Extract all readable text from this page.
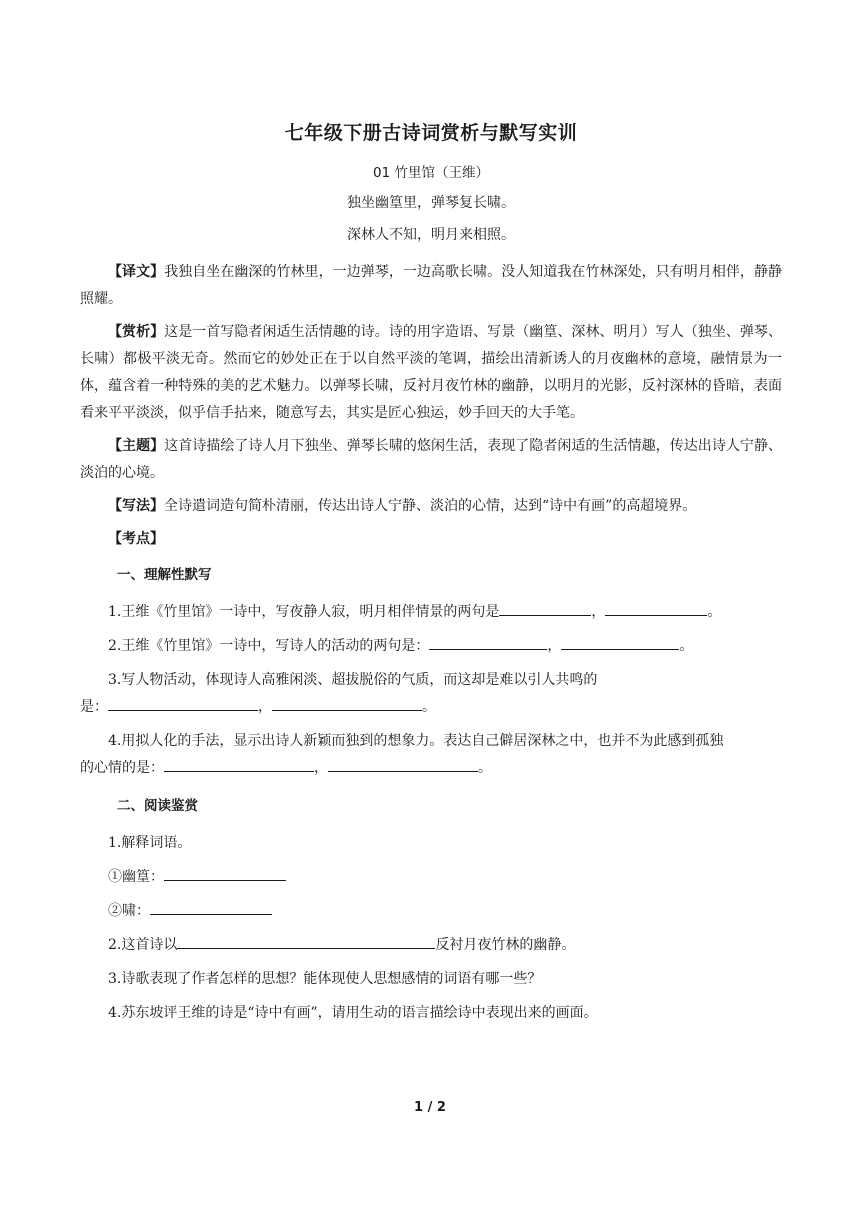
七年级下册古诗词赏析与默写实训
01 竹里馆（王维）
独坐幽篁里，弹琴复长啸。
深林人不知，明月来相照。

【译文】我独自坐在幽深的竹林里，一边弹琴，一边高歌长啸。没人知道我在竹林深处，只有明月相伴，静静照耀。

【赏析】这是一首写隐者闲适生活情趣的诗。诗的用字造语、写景（幽篁、深林、明月）写人（独坐、弹琴、长啸）都极平淡无奇。然而它的妙处正在于以自然平淡的笔调，描绘出清新诱人的月夜幽林的意境，融情景为一体，蕴含着一种特殊的美的艺术魅力。以弹琴长啸，反衬月夜竹林的幽静，以明月的光影，反衬深林的昏暗，表面看来平平淡淡，似乎信手拈来，随意写去，其实是匠心独运，妙手回天的大手笔。

【主题】这首诗描绘了诗人月下独坐、弹琴长啸的悠闲生活，表现了隐者闲适的生活情趣，传达出诗人宁静、淡泊的心境。

【写法】全诗遣词造句简朴清丽，传达出诗人宁静、淡泊的心情，达到“诗中有画”的高超境界。

【考点】

一、理解性默写

1.王维《竹里馆》一诗中，写夜静人寂，明月相伴情景的两句是	，	。

2.王维《竹里馆》一诗中，写诗人的活动的两句是：	，	。

3.写人物活动，体现诗人高雅闲淡、超拔脱俗的气质，而这却是难以引人共鸣的

是：	，	。

4.用拟人化的手法，显示出诗人新颖而独到的想象力。表达自己僻居深林之中，也并不为此感到孤独

的心情的是：	，	。

二、阅读鉴赏

1.解释词语。

①幽篁：

②啸：

2.这首诗以	反衬月夜竹林的幽静。

3.诗歌表现了作者怎样的思想？能体现使人思想感情的词语有哪一些？

4.苏东坡评王维的诗是“诗中有画”，请用生动的语言描绘诗中表现出来的画面。

1 / 2
